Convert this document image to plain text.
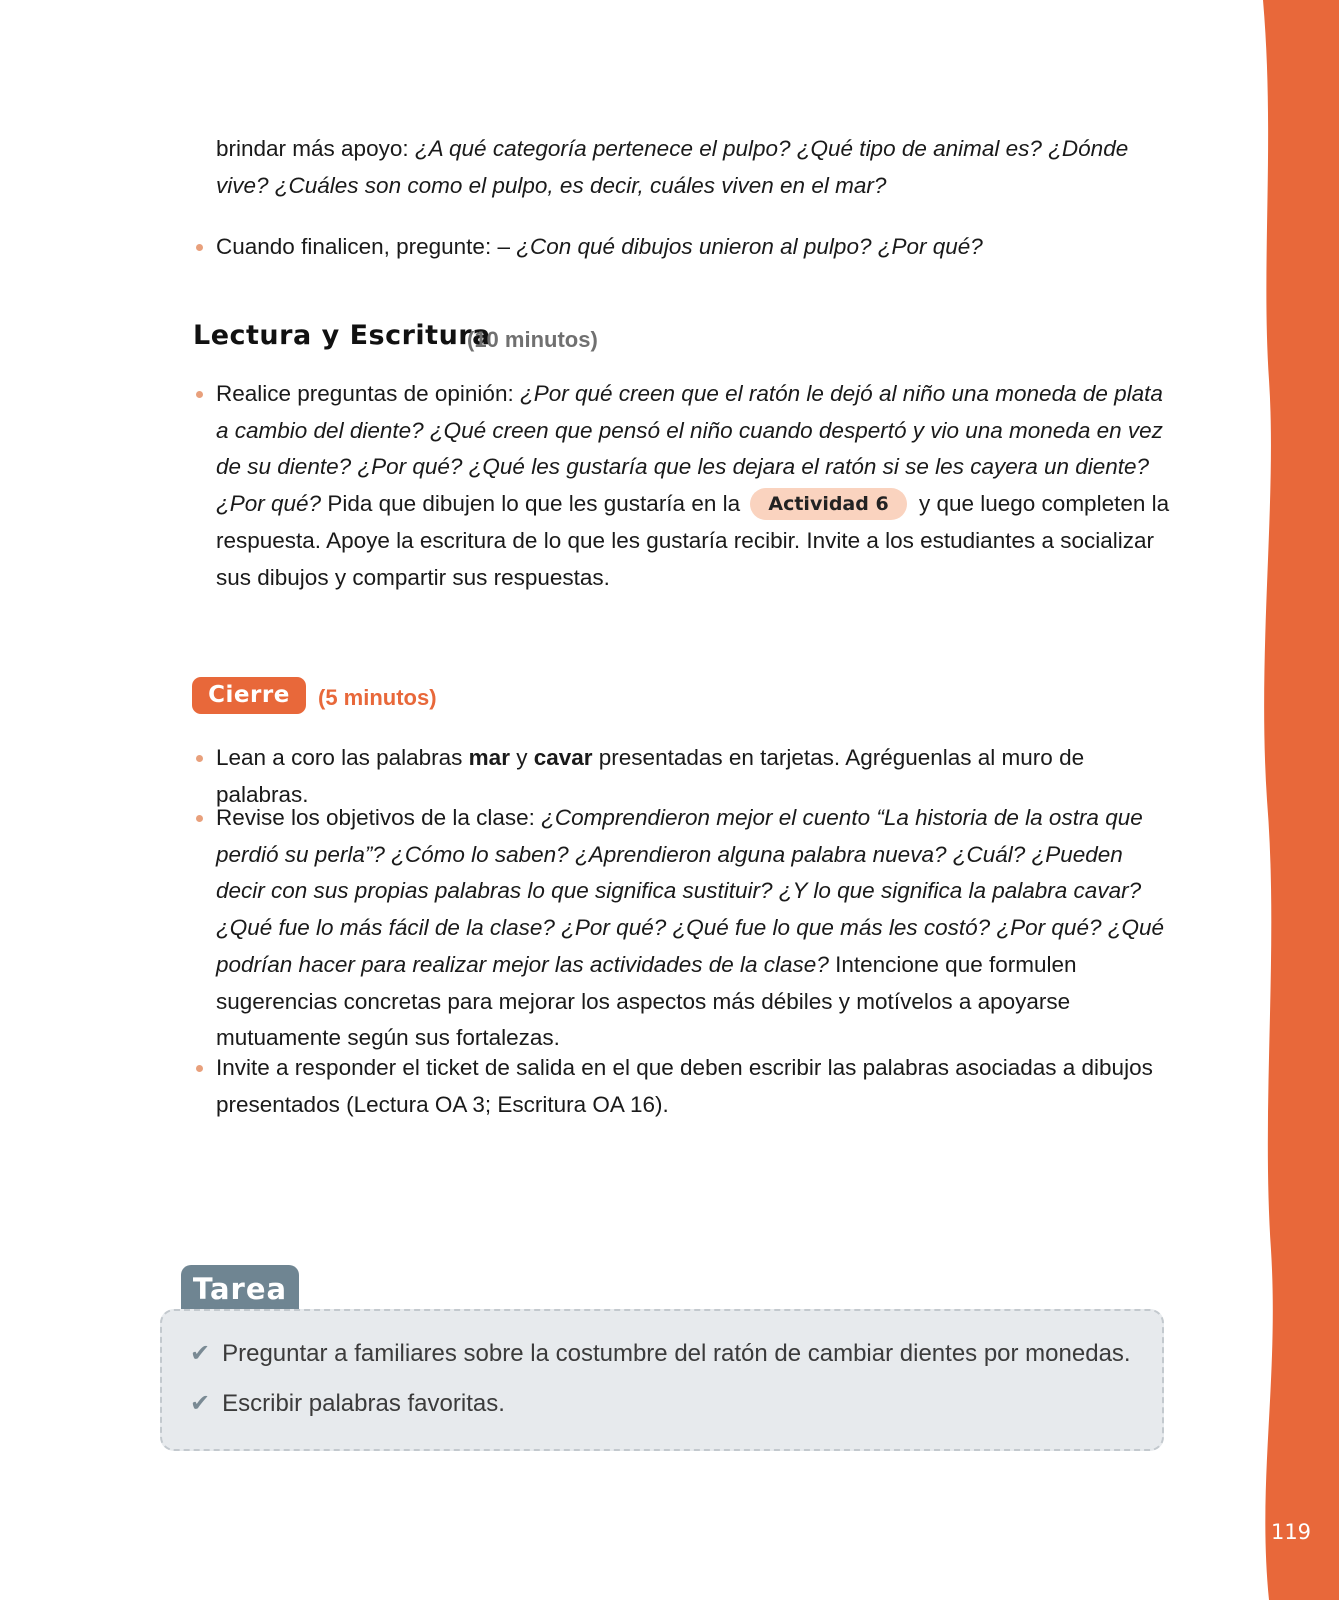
119
brindar más apoyo: ¿A qué categoría pertenece el pulpo? ¿Qué tipo de animal es? ¿Dónde vive? ¿Cuáles son como el pulpo, es decir, cuáles viven en el mar?
Cuando finalicen, pregunte: – ¿Con qué dibujos unieron al pulpo? ¿Por qué?
Lectura y Escritura
(10 minutos)
Realice preguntas de opinión: ¿Por qué creen que el ratón le dejó al niño una moneda de plata a cambio del diente? ¿Qué creen que pensó el niño cuando despertó y vio una moneda en vez de su diente? ¿Por qué? ¿Qué les gustaría que les dejara el ratón si se les cayera un diente? ¿Por qué? Pida que dibujen lo que les gustaría en la Actividad 6 y que luego completen la respuesta. Apoye la escritura de lo que les gustaría recibir. Invite a los estudiantes a socializar sus dibujos y compartir sus respuestas.
Cierre	(5 minutos)
Lean a coro las palabras mar y cavar presentadas en tarjetas. Agréguenlas al muro de palabras.
Revise los objetivos de la clase: ¿Comprendieron mejor el cuento “La historia de la ostra que perdió su perla”? ¿Cómo lo saben? ¿Aprendieron alguna palabra nueva? ¿Cuál? ¿Pueden decir con sus propias palabras lo que significa sustituir? ¿Y lo que significa la palabra cavar? ¿Qué fue lo más fácil de la clase? ¿Por qué? ¿Qué fue lo que más les costó? ¿Por qué? ¿Qué podrían hacer para realizar mejor las actividades de la clase? Intencione que formulen sugerencias concretas para mejorar los aspectos más débiles y motívelos a apoyarse mutuamente según sus fortalezas.
Invite a responder el ticket de salida en el que deben escribir las palabras asociadas a dibujos presentados (Lectura OA 3; Escritura OA 16).
Tarea
✔ Preguntar a familiares sobre la costumbre del ratón de cambiar dientes por monedas.
✔ Escribir palabras favoritas.
